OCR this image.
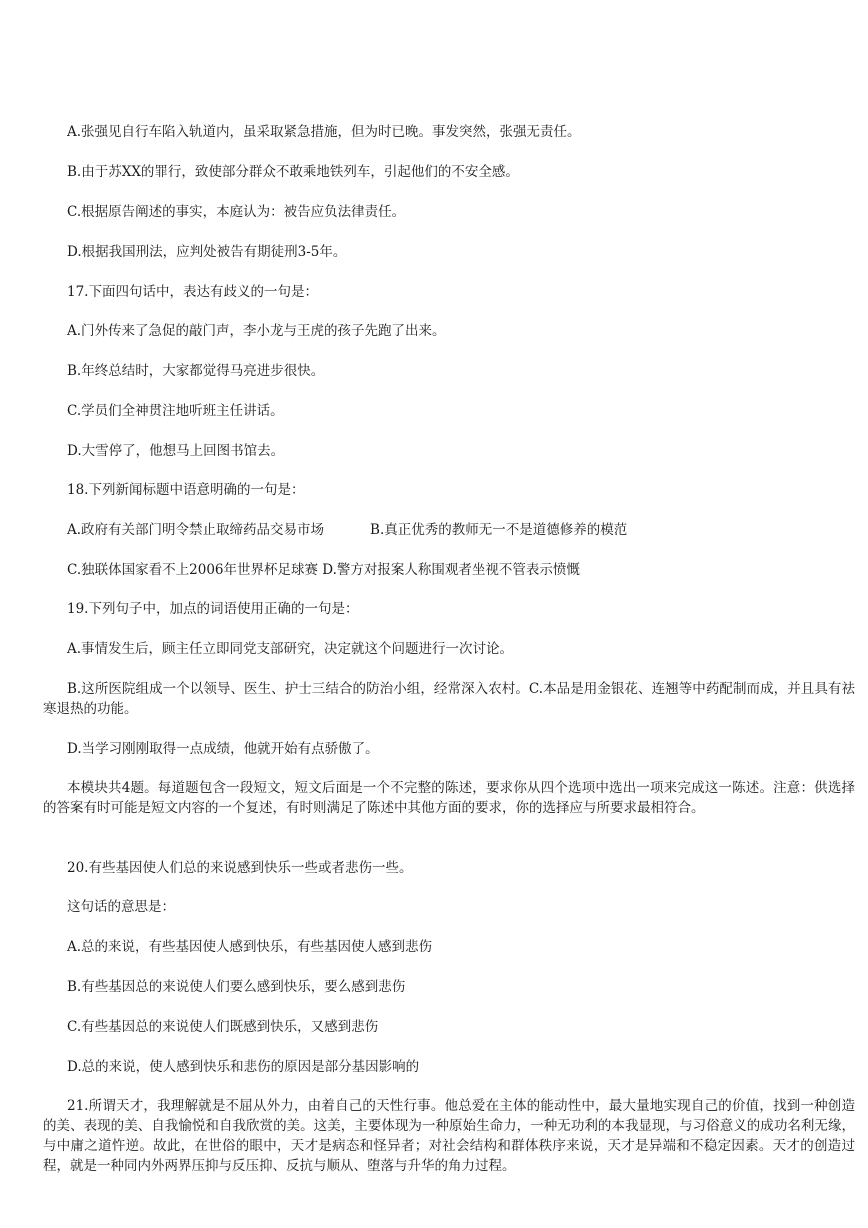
A.张强见自行车陷入轨道内，虽采取紧急措施，但为时已晚。事发突然，张强无责任。
B.由于苏XX的罪行，致使部分群众不敢乘地铁列车，引起他们的不安全感。
C.根据原告阐述的事实，本庭认为：被告应负法律责任。
D.根据我国刑法，应判处被告有期徒刑3-5年。
17.下面四句话中，表达有歧义的一句是：
A.门外传来了急促的敲门声，李小龙与王虎的孩子先跑了出来。
B.年终总结时，大家都觉得马亮进步很快。
C.学员们全神贯注地听班主任讲话。
D.大雪停了，他想马上回图书馆去。
18.下列新闻标题中语意明确的一句是：
A.政府有关部门明令禁止取缔药品交易市场	B.真正优秀的教师无一不是道德修养的模范
C.独联体国家看不上2006年世界杯足球赛 D.警方对报案人称围观者坐视不管表示愤慨
19.下列句子中，加点的词语使用正确的一句是：
A.事情发生后，顾主任立即同党支部研究，决定就这个问题进行一次讨论。
B.这所医院组成一个以领导、医生、护士三结合的防治小组，经常深入农村。C.本品是用金银花、连翘等中药配制而成，并且具有祛寒退热的功能。
D.当学习刚刚取得一点成绩，他就开始有点骄傲了。
本模块共4题。每道题包含一段短文，短文后面是一个不完整的陈述，要求你从四个选项中选出一项来完成这一陈述。注意：供选择的答案有时可能是短文内容的一个复述，有时则满足了陈述中其他方面的要求，你的选择应与所要求最相符合。
20.有些基因使人们总的来说感到快乐一些或者悲伤一些。
这句话的意思是：
A.总的来说，有些基因使人感到快乐，有些基因使人感到悲伤
B.有些基因总的来说使人们要么感到快乐，要么感到悲伤
C.有些基因总的来说使人们既感到快乐，又感到悲伤
D.总的来说，使人感到快乐和悲伤的原因是部分基因影响的
21.所谓天才，我理解就是不屈从外力，由着自己的天性行事。他总爱在主体的能动性中，最大量地实现自己的价值，找到一种创造的美、表现的美、自我愉悦和自我欣赏的美。这美，主要体现为一种原始生命力，一种无功利的本我显现，与习俗意义的成功名利无缘，与中庸之道忤逆。故此，在世俗的眼中，天才是病态和怪异者；对社会结构和群体秩序来说，天才是异端和不稳定因素。天才的创造过程，就是一种同内外两界压抑与反压抑、反抗与顺从、堕落与升华的角力过程。
